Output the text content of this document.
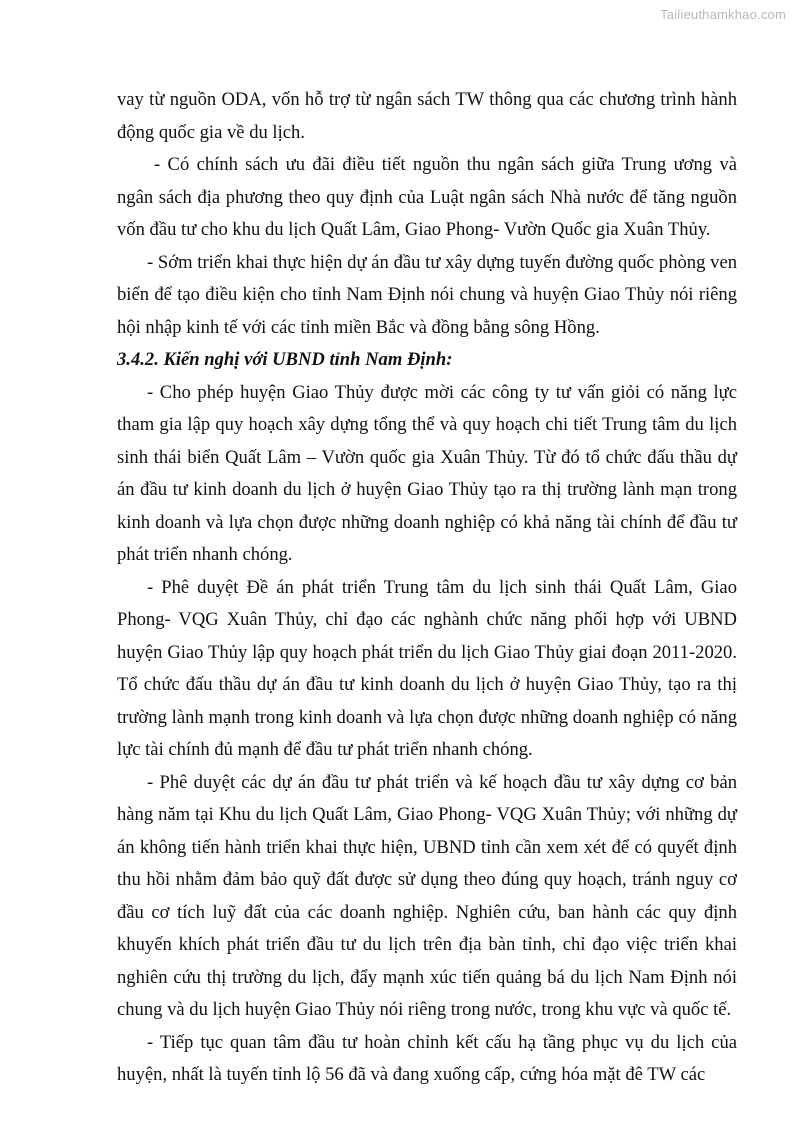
Tailieuthamkhao.com

vay từ nguồn ODA, vốn hỗ trợ từ ngân sách TW thông qua các chương trình hành động quốc gia về du lịch.

- Có chính sách ưu đãi điều tiết nguồn thu ngân sách giữa Trung ương và ngân sách địa phương theo quy định của Luật ngân sách Nhà nước để tăng nguồn vốn đầu tư cho khu du lịch Quất Lâm, Giao Phong- Vườn Quốc gia Xuân Thủy.

- Sớm triển khai thực hiện dự án đầu tư xây dựng tuyến đường quốc phòng ven biển để tạo điều kiện cho tỉnh Nam Định nói chung và huyện Giao Thủy nói riêng hội nhập kinh tế với các tỉnh miền Bắc và đồng bằng sông Hồng.

3.4.2. Kiến nghị với UBND tỉnh Nam Định:

- Cho phép huyện Giao Thủy được mời các công ty tư vấn giỏi có năng lực tham gia lập quy hoạch xây dựng tổng thể và quy hoạch chi tiết Trung tâm du lịch sinh thái biển Quất Lâm – Vườn quốc gia Xuân Thủy. Từ đó tổ chức đấu thầu dự án đầu tư kinh doanh du lịch ở huyện Giao Thủy tạo ra thị trường lành mạn trong kinh doanh và lựa chọn được những doanh nghiệp có khả năng tài chính để đầu tư phát triển nhanh chóng.

- Phê duyệt Đề án phát triển Trung tâm du lịch sinh thái Quất Lâm, Giao Phong- VQG Xuân Thủy, chỉ đạo các nghành chức năng phối hợp với UBND huyện Giao Thủy lập quy hoạch phát triển du lịch Giao Thủy giai đoạn 2011-2020. Tổ chức đấu thầu dự án đầu tư kinh doanh du lịch ở huyện Giao Thủy, tạo ra thị trường lành mạnh trong kinh doanh và lựa chọn được những doanh nghiệp có năng lực tài chính đủ mạnh để đầu tư phát triển nhanh chóng.

- Phê duyệt các dự án đầu tư phát triển và kế hoạch đầu tư xây dựng cơ bản hàng năm tại Khu du lịch Quất Lâm, Giao Phong- VQG Xuân Thủy; với những dự án không tiến hành triển khai thực hiện, UBND tỉnh cần xem xét để có quyết định thu hồi nhằm đảm bảo quỹ đất được sử dụng theo đúng quy hoạch, tránh nguy cơ đầu cơ tích luỹ đất của các doanh nghiệp. Nghiên cứu, ban hành các quy định khuyến khích phát triển đầu tư du lịch trên địa bàn tỉnh, chỉ đạo việc triển khai nghiên cứu thị trường du lịch, đẩy mạnh xúc tiến quảng bá du lịch Nam Định nói chung và du lịch huyện Giao Thủy nói riêng trong nước, trong khu vực và quốc tế.

- Tiếp tục quan tâm đầu tư hoàn chỉnh kết cấu hạ tầng phục vụ du lịch của huyện, nhất là tuyến tỉnh lộ 56 đã và đang xuống cấp, cứng hóa mặt đê TW các
